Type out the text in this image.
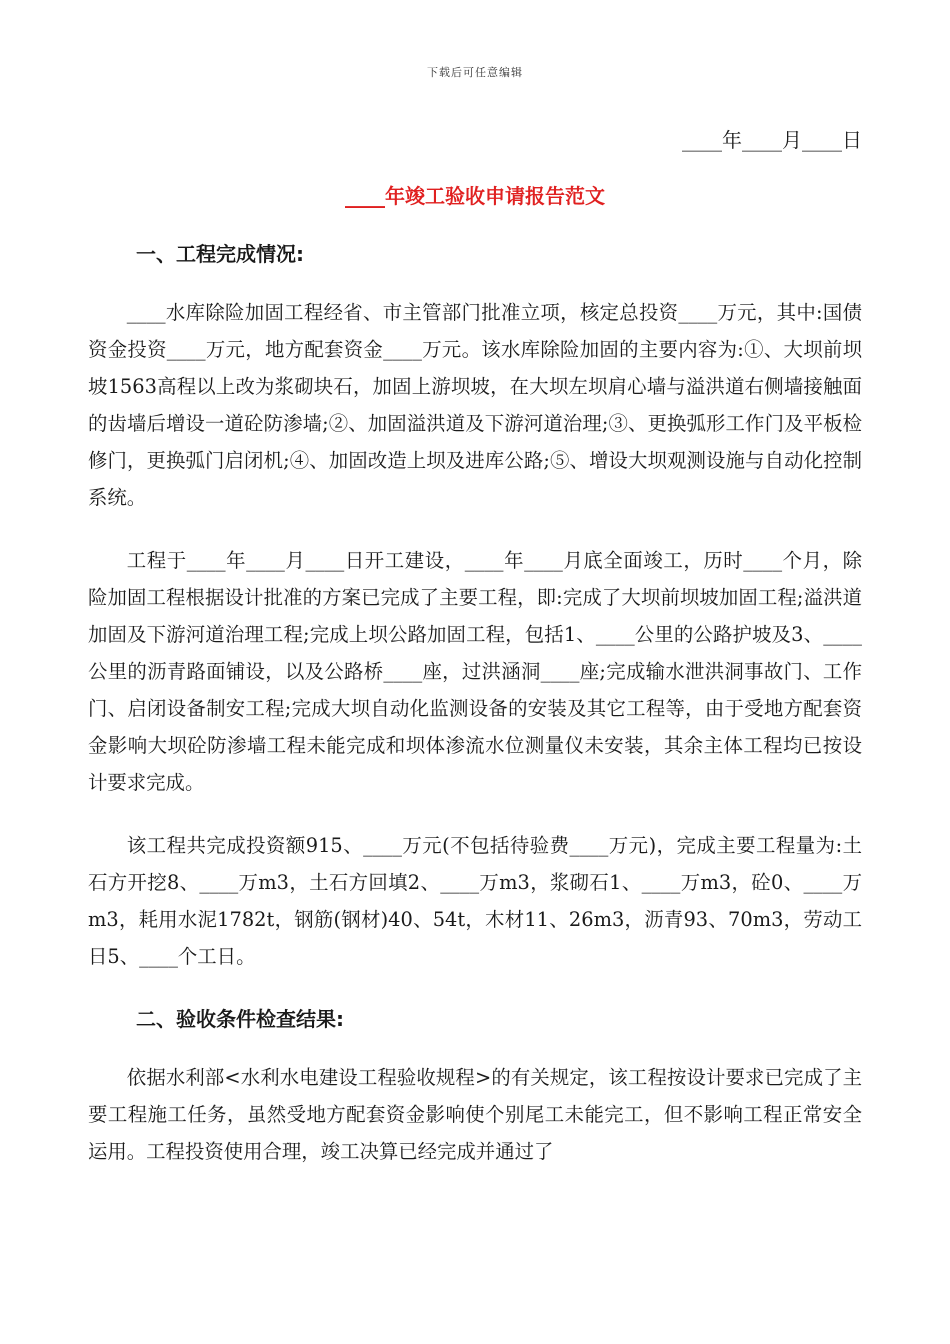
下载后可任意编辑
____年____月____日
____年竣工验收申请报告范文
一、工程完成情况:

____水库除险加固工程经省、市主管部门批准立项，核定总投资____万元，其中:国债资金投资____万元，地方配套资金____万元。该水库除险加固的主要内容为:①、大坝前坝坡1563高程以上改为浆砌块石，加固上游坝坡，在大坝左坝肩心墙与溢洪道右侧墙接触面的齿墙后增设一道砼防渗墙;②、加固溢洪道及下游河道治理;③、更换弧形工作门及平板检修门，更换弧门启闭机;④、加固改造上坝及进库公路;⑤、增设大坝观测设施与自动化控制系统。

工程于____年____月____日开工建设，____年____月底全面竣工，历时____个月，除险加固工程根据设计批准的方案已完成了主要工程，即:完成了大坝前坝坡加固工程;溢洪道加固及下游河道治理工程;完成上坝公路加固工程，包括1、____公里的公路护坡及3、____公里的沥青路面铺设，以及公路桥____座，过洪涵洞____座;完成输水泄洪洞事故门、工作门、启闭设备制安工程;完成大坝自动化监测设备的安装及其它工程等，由于受地方配套资金影响大坝砼防渗墙工程未能完成和坝体渗流水位测量仪未安装，其余主体工程均已按设计要求完成。

该工程共完成投资额915、____万元(不包括待验费____万元)，完成主要工程量为:土石方开挖8、____万m3，土石方回填2、____万m3，浆砌石1、____万m3，砼0、____万m3，耗用水泥1782t，钢筋(钢材)40、54t，木材11、26m3，沥青93、70m3，劳动工日5、____个工日。

二、验收条件检查结果:

依据水利部<水利水电建设工程验收规程>的有关规定，该工程按设计要求已完成了主要工程施工任务，虽然受地方配套资金影响使个别尾工未能完工，但不影响工程正常安全运用。工程投资使用合理，竣工决算已经完成并通过了
